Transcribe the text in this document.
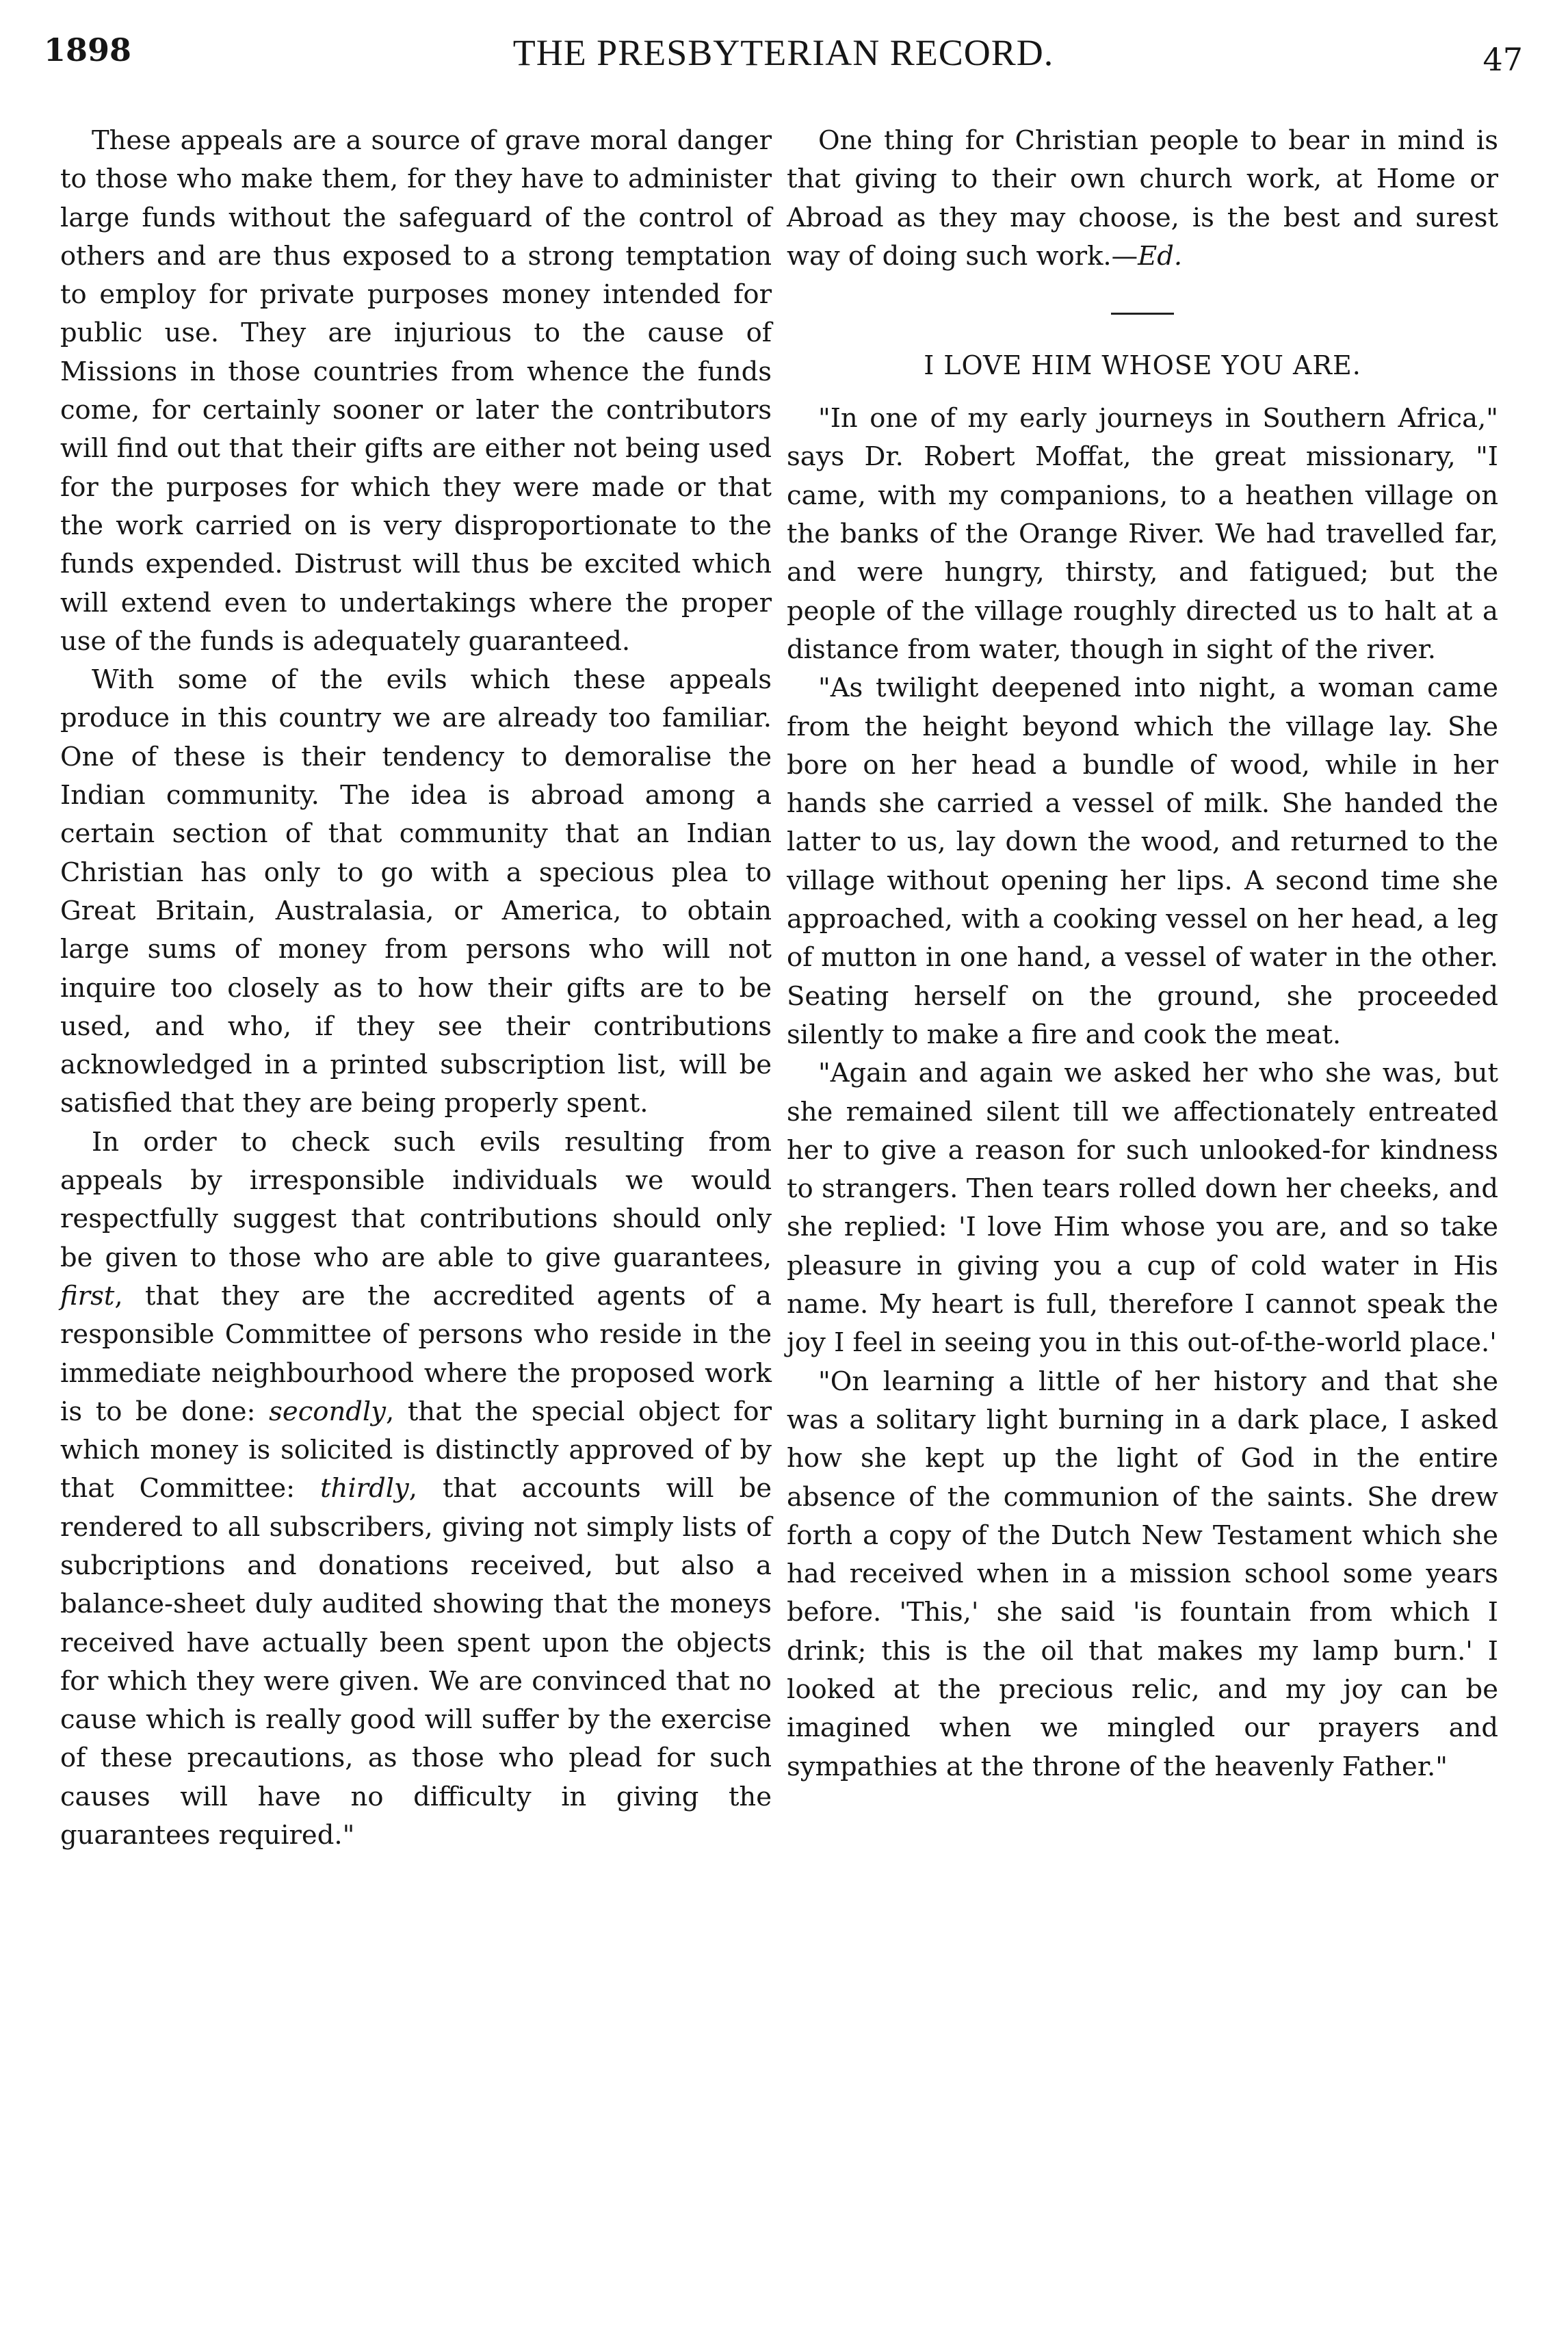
1898	THE PRESBYTERIAN RECORD.	47

These appeals are a source of grave moral danger to those who make them, for they have to administer large funds without the safeguard of the control of others and are thus exposed to a strong temptation to employ for private purposes money intended for public use. They are injurious to the cause of Missions in those countries from whence the funds come, for certainly sooner or later the contributors will find out that their gifts are either not being used for the purposes for which they were made or that the work carried on is very disproportionate to the funds expended. Distrust will thus be excited which will extend even to undertakings where the proper use of the funds is adequately guaranteed.

With some of the evils which these appeals produce in this country we are already too familiar. One of these is their tendency to demoralise the Indian community. The idea is abroad among a certain section of that community that an Indian Christian has only to go with a specious plea to Great Britain, Australasia, or America, to obtain large sums of money from persons who will not inquire too closely as to how their gifts are to be used, and who, if they see their contributions acknowledged in a printed subscription list, will be satisfied that they are being properly spent.

In order to check such evils resulting from appeals by irresponsible individuals we would respectfully suggest that contributions should only be given to those who are able to give guarantees, first, that they are the accredited agents of a responsible Committee of persons who reside in the immediate neighbourhood where the proposed work is to be done: secondly, that the special object for which money is solicited is distinctly approved of by that Committee: thirdly, that accounts will be rendered to all subscribers, giving not simply lists of subcriptions and donations received, but also a balance-sheet duly audited showing that the moneys received have actually been spent upon the objects for which they were given. We are convinced that no cause which is really good will suffer by the exercise of these precautions, as those who plead for such causes will have no difficulty in giving the guarantees required."

One thing for Christian people to bear in mind is that giving to their own church work, at Home or Abroad as they may choose, is the best and surest way of doing such work.—Ed.

I LOVE HIM WHOSE YOU ARE.

"In one of my early journeys in Southern Africa," says Dr. Robert Moffat, the great missionary, "I came, with my companions, to a heathen village on the banks of the Orange River. We had travelled far, and were hungry, thirsty, and fatigued; but the people of the village roughly directed us to halt at a distance from water, though in sight of the river.

"As twilight deepened into night, a woman came from the height beyond which the village lay. She bore on her head a bundle of wood, while in her hands she carried a vessel of milk. She handed the latter to us, lay down the wood, and returned to the village without opening her lips. A second time she approached, with a cooking vessel on her head, a leg of mutton in one hand, a vessel of water in the other. Seating herself on the ground, she proceeded silently to make a fire and cook the meat.

"Again and again we asked her who she was, but she remained silent till we affectionately entreated her to give a reason for such unlooked-for kindness to strangers. Then tears rolled down her cheeks, and she replied: 'I love Him whose you are, and so take pleasure in giving you a cup of cold water in His name. My heart is full, therefore I cannot speak the joy I feel in seeing you in this out-of-the-world place.'

"On learning a little of her history and that she was a solitary light burning in a dark place, I asked how she kept up the light of God in the entire absence of the communion of the saints. She drew forth a copy of the Dutch New Testament which she had received when in a mission school some years before. 'This,' she said 'is fountain from which I drink; this is the oil that makes my lamp burn.' I looked at the precious relic, and my joy can be imagined when we mingled our prayers and sympathies at the throne of the heavenly Father."
